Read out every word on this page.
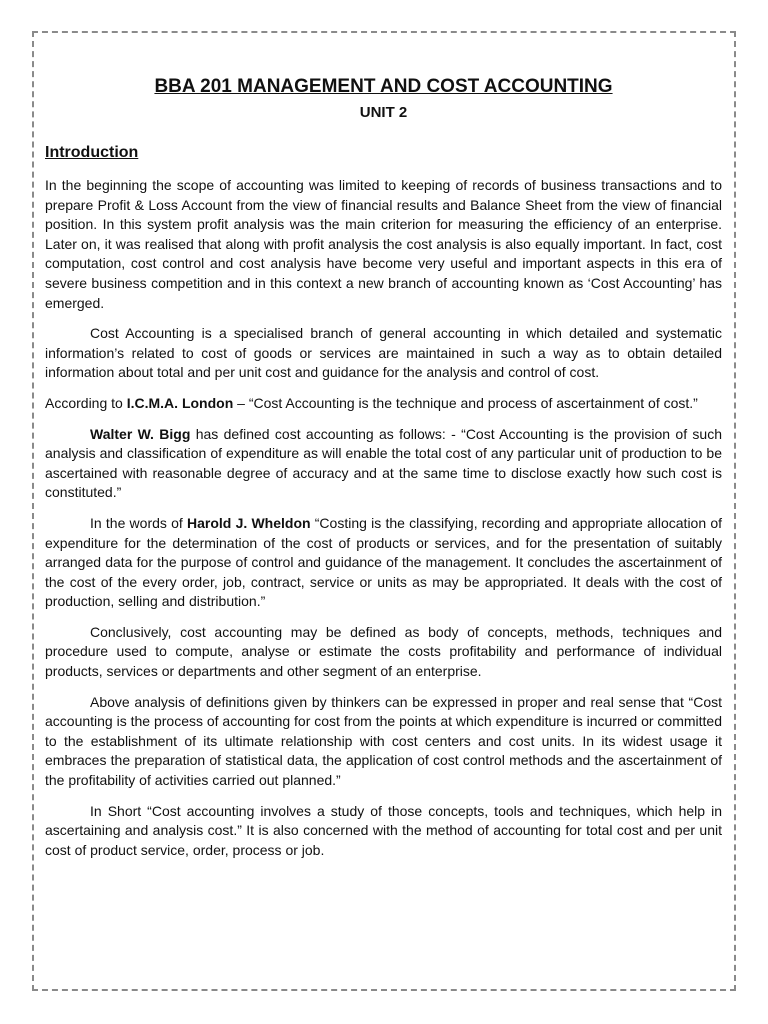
BBA 201 MANAGEMENT AND COST ACCOUNTING
UNIT 2
Introduction

In the beginning the scope of accounting was limited to keeping of records of business transactions and to prepare Profit & Loss Account from the view of financial results and Balance Sheet from the view of financial position. In this system profit analysis was the main criterion for measuring the efficiency of an enterprise. Later on, it was realised that along with profit analysis the cost analysis is also equally important. In fact, cost computation, cost control and cost analysis have become very useful and important aspects in this era of severe business competition and in this context a new branch of accounting known as ‘Cost Accounting’ has emerged.

Cost Accounting is a specialised branch of general accounting in which detailed and systematic information’s related to cost of goods or services are maintained in such a way as to obtain detailed information about total and per unit cost and guidance for the analysis and control of cost.

According to I.C.M.A. London – “Cost Accounting is the technique and process of ascertainment of cost.”

Walter W. Bigg has defined cost accounting as follows: - “Cost Accounting is the provision of such analysis and classification of expenditure as will enable the total cost of any particular unit of production to be ascertained with reasonable degree of accuracy and at the same time to disclose exactly how such cost is constituted.”

In the words of Harold J. Wheldon “Costing is the classifying, recording and appropriate allocation of expenditure for the determination of the cost of products or services, and for the presentation of suitably arranged data for the purpose of control and guidance of the management. It concludes the ascertainment of the cost of the every order, job, contract, service or units as may be appropriated. It deals with the cost of production, selling and distribution.”

Conclusively, cost accounting may be defined as body of concepts, methods, techniques and procedure used to compute, analyse or estimate the costs profitability and performance of individual products, services or departments and other segment of an enterprise.

Above analysis of definitions given by thinkers can be expressed in proper and real sense that “Cost accounting is the process of accounting for cost from the points at which expenditure is incurred or committed to the establishment of its ultimate relationship with cost centers and cost units. In its widest usage it embraces the preparation of statistical data, the application of cost control methods and the ascertainment of the profitability of activities carried out planned.”

In Short “Cost accounting involves a study of those concepts, tools and techniques, which help in ascertaining and analysis cost.” It is also concerned with the method of accounting for total cost and per unit cost of product service, order, process or job.
